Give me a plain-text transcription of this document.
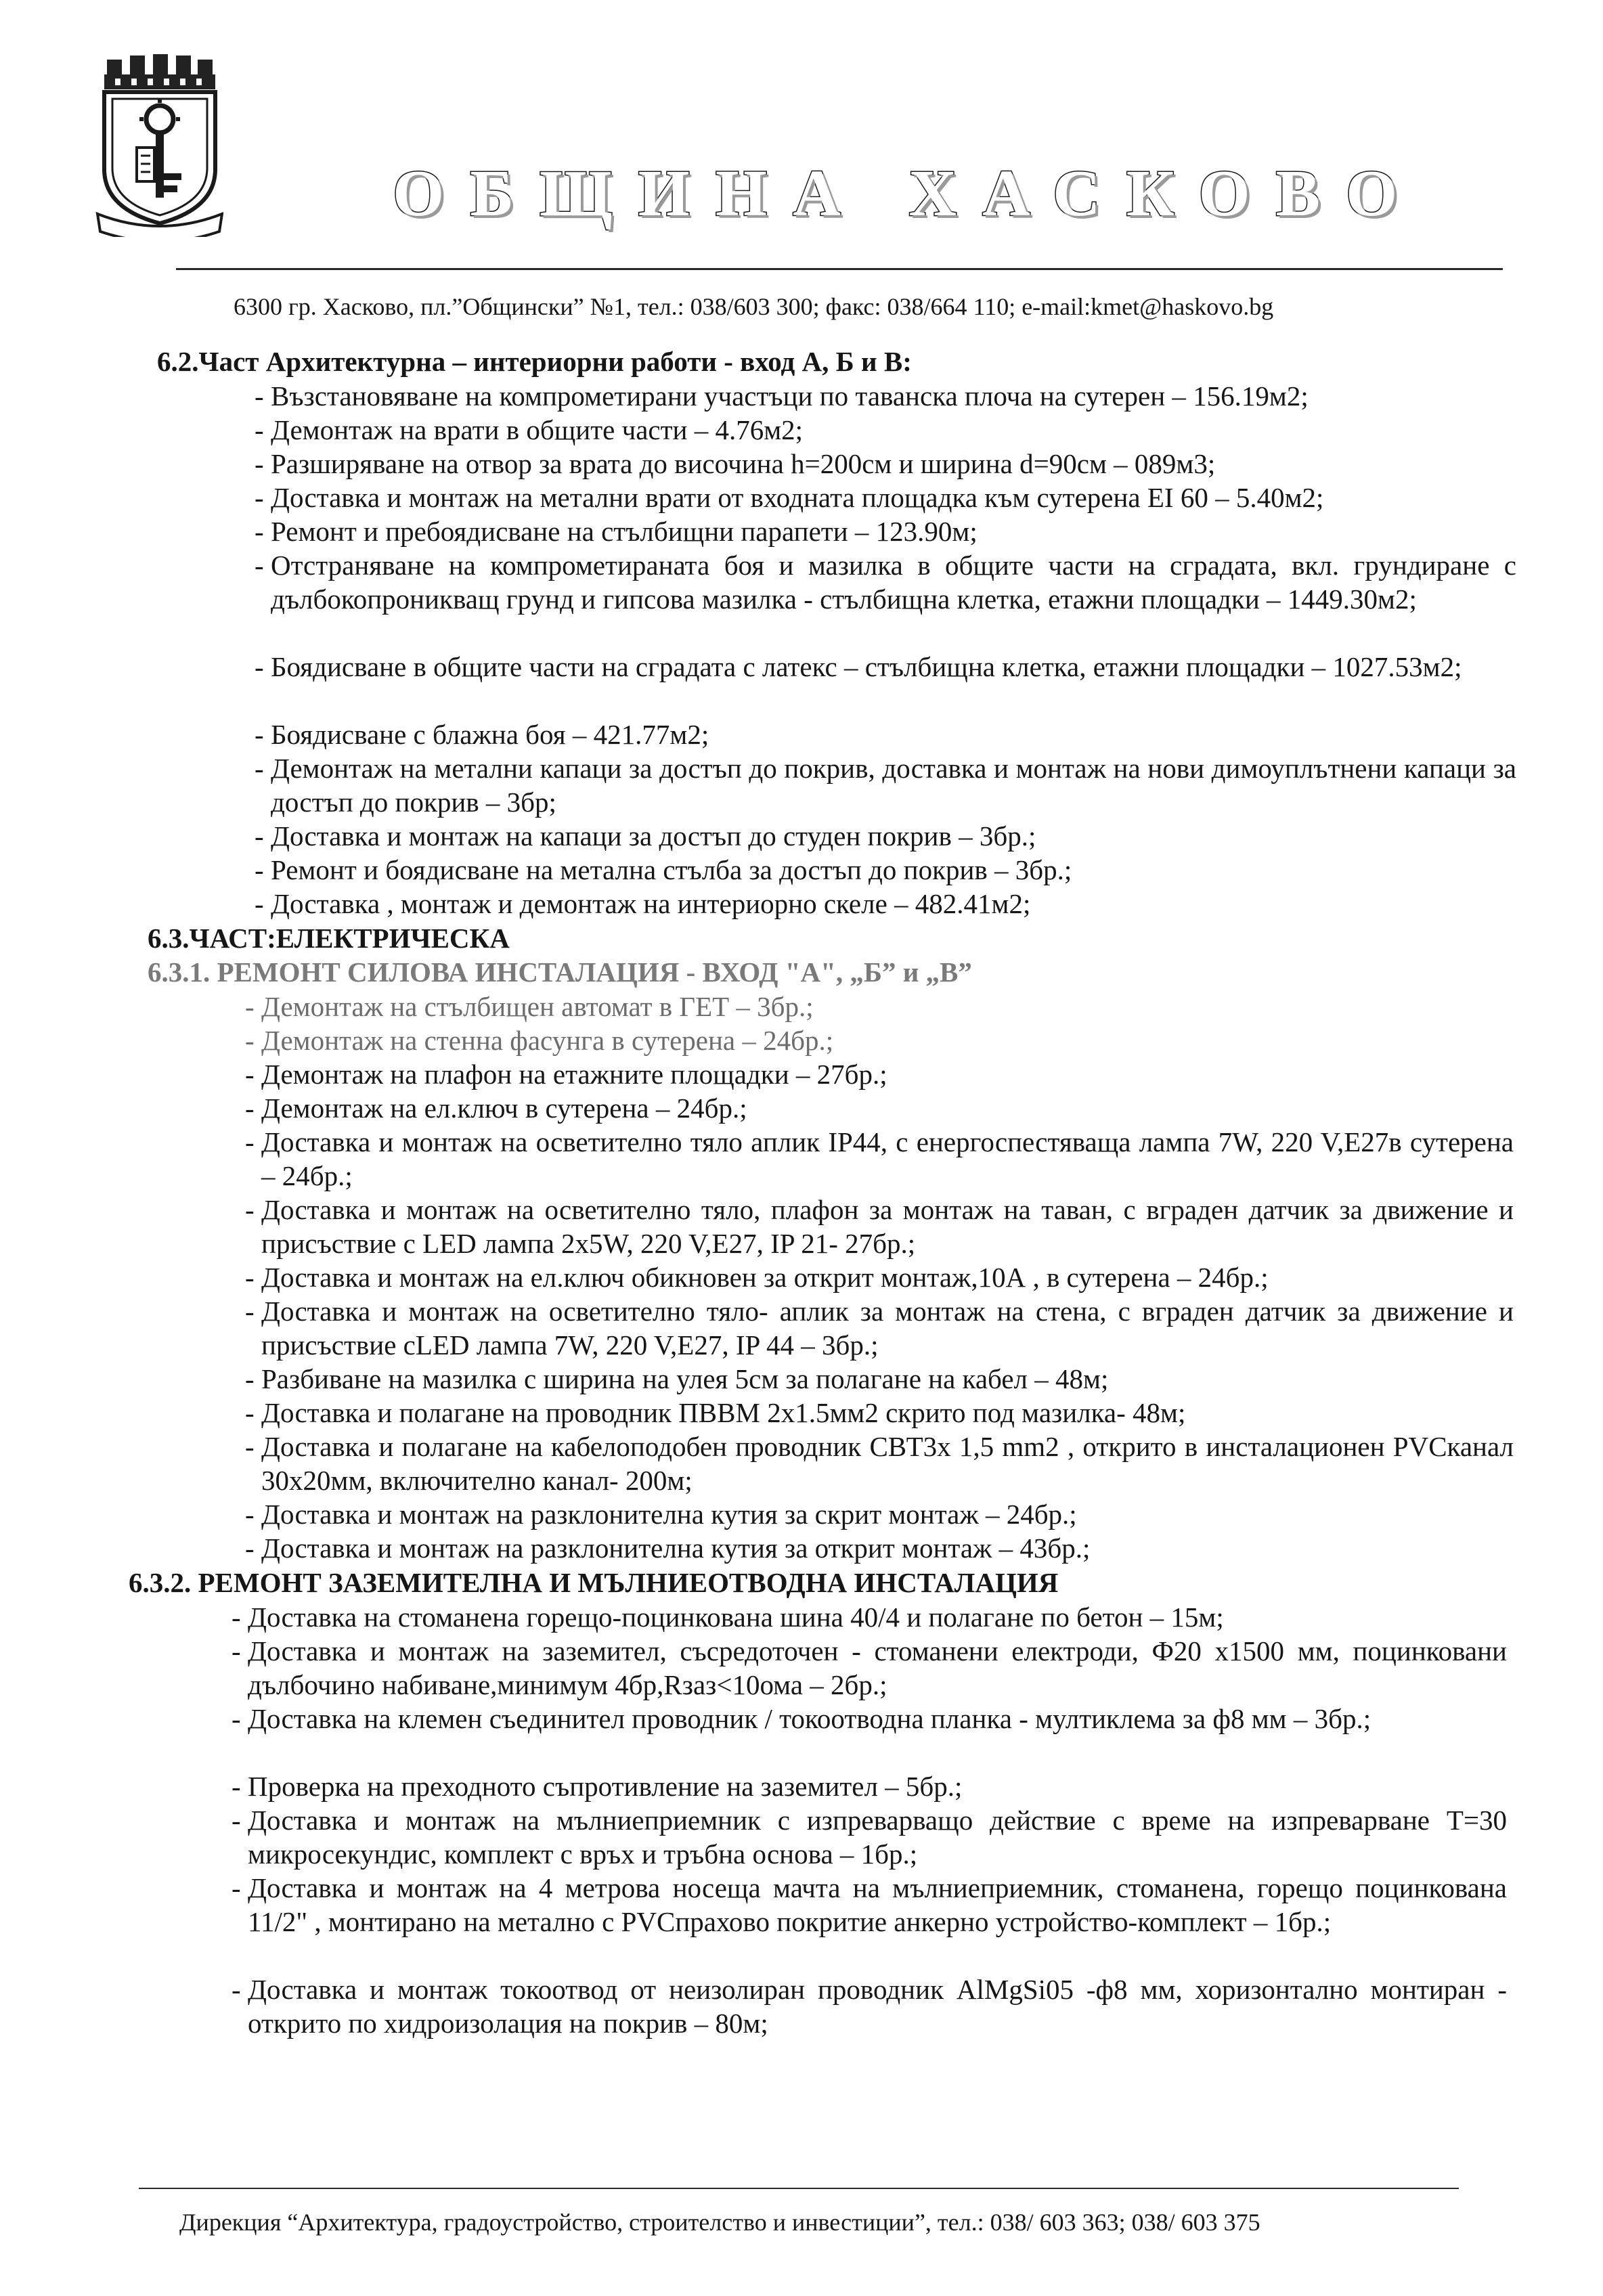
ОБЩИНА ХАСКОВО
6300 гр. Хасково, пл.”Общински” №1, тел.: 038/603 300; факс: 038/664 110; e-mail:kmet@haskovo.bg

6.2.Част Архитектурна – интериорни работи - вход А, Б и В:

- Възстановяване на компрометирани участъци по таванска плоча на сутерен – 156.19м2;

- Демонтаж на врати в общите части – 4.76м2;

- Разширяване на отвор за врата до височина h=200см и ширина d=90см – 089м3;

- Доставка и монтаж на метални врати от входната площадка към сутерена ЕІ 60 – 5.40м2;

- Ремонт и пребоядисване на стълбищни парапети – 123.90м;

- Отстраняване на компрометираната боя и мазилка в общите части на сградата, вкл. грундиране с дълбокопроникващ грунд и гипсова мазилка - стълбищна клетка, етажни площадки – 1449.30м2;

- Боядисване в общите части на сградата с латекс – стълбищна клетка, етажни площадки – 1027.53м2;

- Боядисване с блажна боя – 421.77м2;

- Демонтаж на метални капаци за достъп до покрив, доставка и монтаж на нови димоуплътнени капаци за достъп до покрив – 3бр;

- Доставка и монтаж на капаци за достъп до студен покрив – 3бр.;

- Ремонт и боядисване на метална стълба за достъп до покрив – 3бр.;

- Доставка , монтаж и демонтаж на интериорно скеле – 482.41м2;

6.3.ЧАСТ:ЕЛЕКТРИЧЕСКА

6.3.1. РЕМОНТ СИЛОВА ИНСТАЛАЦИЯ - ВХОД "А", „Б” и „В”

- Демонтаж на стълбищен автомат в ГЕТ – 3бр.;

- Демонтаж на стенна фасунга в сутерена – 24бр.;

- Демонтаж на плафон на етажните площадки – 27бр.;

- Демонтаж на ел.ключ в сутерена – 24бр.;

- Доставка и монтаж на осветително тяло аплик IP44, с енергоспестяваща лампа 7W, 220 V,E27в сутерена – 24бр.;

- Доставка и монтаж на осветително тяло, плафон за монтаж на таван, с вграден датчик за движение и присъствие с LED лампа 2x5W, 220 V,E27, IP 21- 27бр.;

- Доставка и монтаж на ел.ключ обикновен за открит монтаж,10А , в сутерена – 24бр.;

- Доставка и монтаж на осветително тяло- аплик за монтаж на стена, с вграден датчик за движение и присъствие cLED лампа 7W, 220 V,E27, IP 44 – 3бр.;

- Разбиване на мазилка с ширина на улея 5см за полагане на кабел – 48м;

- Доставка и полагане на проводник ПВВМ 2х1.5мм2 скрито под мазилка- 48м;

- Доставка и полагане на кабелоподобен проводник СВТ3х 1,5 mm2 , открито в инсталационен PVCканал 30х20мм, включително канал- 200м;

- Доставка и монтаж на разклонителна кутия за скрит монтаж – 24бр.;

- Доставка и монтаж на разклонителна кутия за открит монтаж – 43бр.;

6.3.2. РЕМОНТ ЗАЗЕМИТЕЛНА И МЪЛНИЕОТВОДНА ИНСТАЛАЦИЯ

- Доставка на стоманена горещо-поцинкована шина 40/4 и полагане по бетон – 15м;

- Доставка и монтаж на заземител, съсредоточен - стоманени електроди, Ф20 x1500 мм, поцинковани дълбочино набиване,минимум 4бр,Rзаз<10ома – 2бр.;

- Доставка на клемен съединител проводник / токоотводна планка - мултиклема за ф8 мм – 3бр.;

- Проверка на преходното съпротивление на заземител – 5бр.;

- Доставка и монтаж на мълниеприемник с изпреварващо действие с време на изпреварване Т=30 микросекундис, комплект с връх и тръбна основа – 1бр.;

- Доставка и монтаж на 4 метрова носеща мачта на мълниеприемник, стоманена, горещо поцинкована 11/2" , монтирано на метално с PVCпрахово покритие анкерно устройство-комплект – 1бр.;

- Доставка и монтаж токоотвод от неизолиран проводник AlMgSi05 -ф8 мм, хоризонтално монтиран - открито по хидроизолация на покрив – 80м;

Дирекция “Архитектура, градоустройство, строителство и инвестиции”, тел.: 038/ 603 363; 038/ 603 375
